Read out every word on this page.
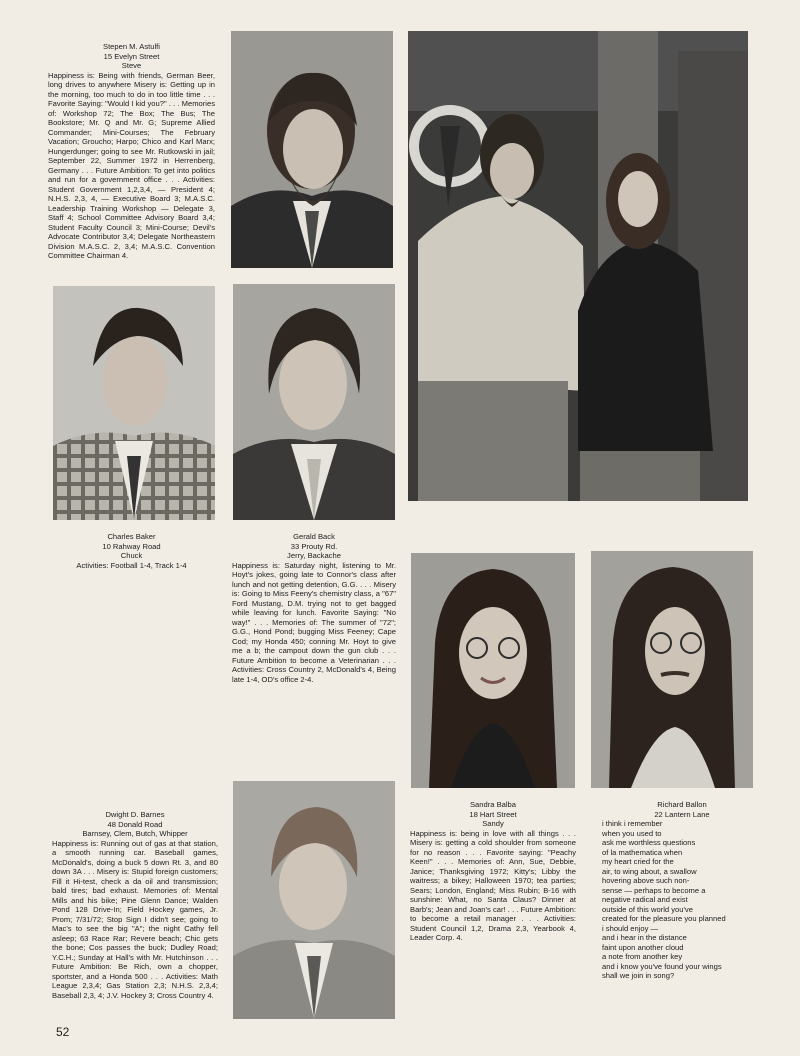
Stepen M. Astulfi
15 Evelyn Street
Steve
Happiness is: Being with friends, German Beer, long drives to anywhere Misery is: Getting up in the morning, too much to do in too little time . . . Favorite Saying: "Would I kid you?" . . . Memories of: Workshop 72; The Box; The Bus; The Bookstore; Mr. Q and Mr. G; Supreme Allied Commander; Mini-Courses; The February Vacation; Groucho; Harpo; Chico and Karl Marx; Hungerdunger; going to see Mr. Rutkowski in jail; September 22, Summer 1972 in Herrenberg, Germany . . . Future Ambition: To get into politics and run for a government office . . . Activities: Student Government 1,2,3,4, — President 4; N.H.S. 2,3, 4, — Executive Board 3; M.A.S.C. Leadership Training Workshop — Delegate 3, Staff 4; School Committee Advisory Board 3,4; Student Faculty Council 3; Mini-Course; Devil's Advocate Contributor 3,4; Delegate Northeastern Division M.A.S.C. 2, 3,4; M.A.S.C. Convention Committee Chairman 4.
Charles Baker
10 Rahway Road
Chuck
Activities: Football 1-4, Track 1-4
Gerald Back
33 Prouty Rd.
Jerry, Backache
Happiness is: Saturday night, listening to Mr. Hoyt's jokes, going late to Connor's class after lunch and not getting detention, G.G. . . . Misery is: Going to Miss Feeny's chemistry class, a "67" Ford Mustang, D.M. trying not to get bagged while leaving for lunch. Favorite Saying: "No way!" . . . Memories of: The summer of "72"; G.G., Hond Pond; bugging Miss Feeney; Cape Cod; my Honda 450; conning Mr. Hoyt to give me a b; the campout down the gun club . . . Future Ambition to become a Veterinarian . . . Activities: Cross Country 2, McDonald's 4, Being late 1-4, OD's office 2-4.
Dwight D. Barnes
48 Donald Road
Barnsey, Clem, Butch, Whipper
Happiness is: Running out of gas at that station, a smooth running car. Baseball games, McDonald's, doing a buck 5 down Rt. 3, and 80 down 3A . . . Misery is: Stupid foreign customers; Fill it Hi-test, check a da oil and transmission; bald tires; bad exhaust. Memories of: Mental Mills and his bike; Pine Glenn Dance; Walden Pond 128 Drive-In; Field Hockey games, Jr. Prom; 7/31/72; Stop Sign I didn't see; going to Mac's to see the big "A"; the night Cathy fell asleep; 63 Race Rar; Revere beach; Chic gets the bone; Cos passes the buck; Dudley Road; Y.C.H.; Sunday at Hall's with Mr. Hutchinson . . . Future Ambition: Be Rich, own a chopper, sportster, and a Honda 500 . . . Activities: Math League 2,3,4; Gas Station 2,3; N.H.S. 2,3,4; Baseball 2,3, 4; J.V. Hockey 3; Cross Country 4.
Sandra Balba
18 Hart Street
Sandy
Happiness is: being in love with all things . . . Misery is: getting a cold shoulder from someone for no reason . . . Favorite saying: "Peachy Keen!" . . . Memories of: Ann, Sue, Debbie, Janice; Thanksgiving 1972; Kitty's; Libby the waitress; a bikey; Halloween 1970; tea parties; Sears; London, England; Miss Rubin; B-16 with sunshine: What, no Santa Claus? Dinner at Barb's; Jean and Joan's car! . . . Future Ambition: to become a retail manager . . . Activities: Student Council 1,2, Drama 2,3, Yearbook 4, Leader Corp. 4.
Richard Ballon
22 Lantern Lane
i think i remember
when you used to
ask me worthless questions
of la mathematica when
my heart cried for the
air, to wing about, a swallow
hovering above such non-
sense — perhaps to become a
negative radical and exist
outside of this world you've
created for the pleasure you planned
i should enjoy —
and i hear in the distance
faint upon another cloud
a note from another key
and i know you've found your wings
shall we join in song?
52
